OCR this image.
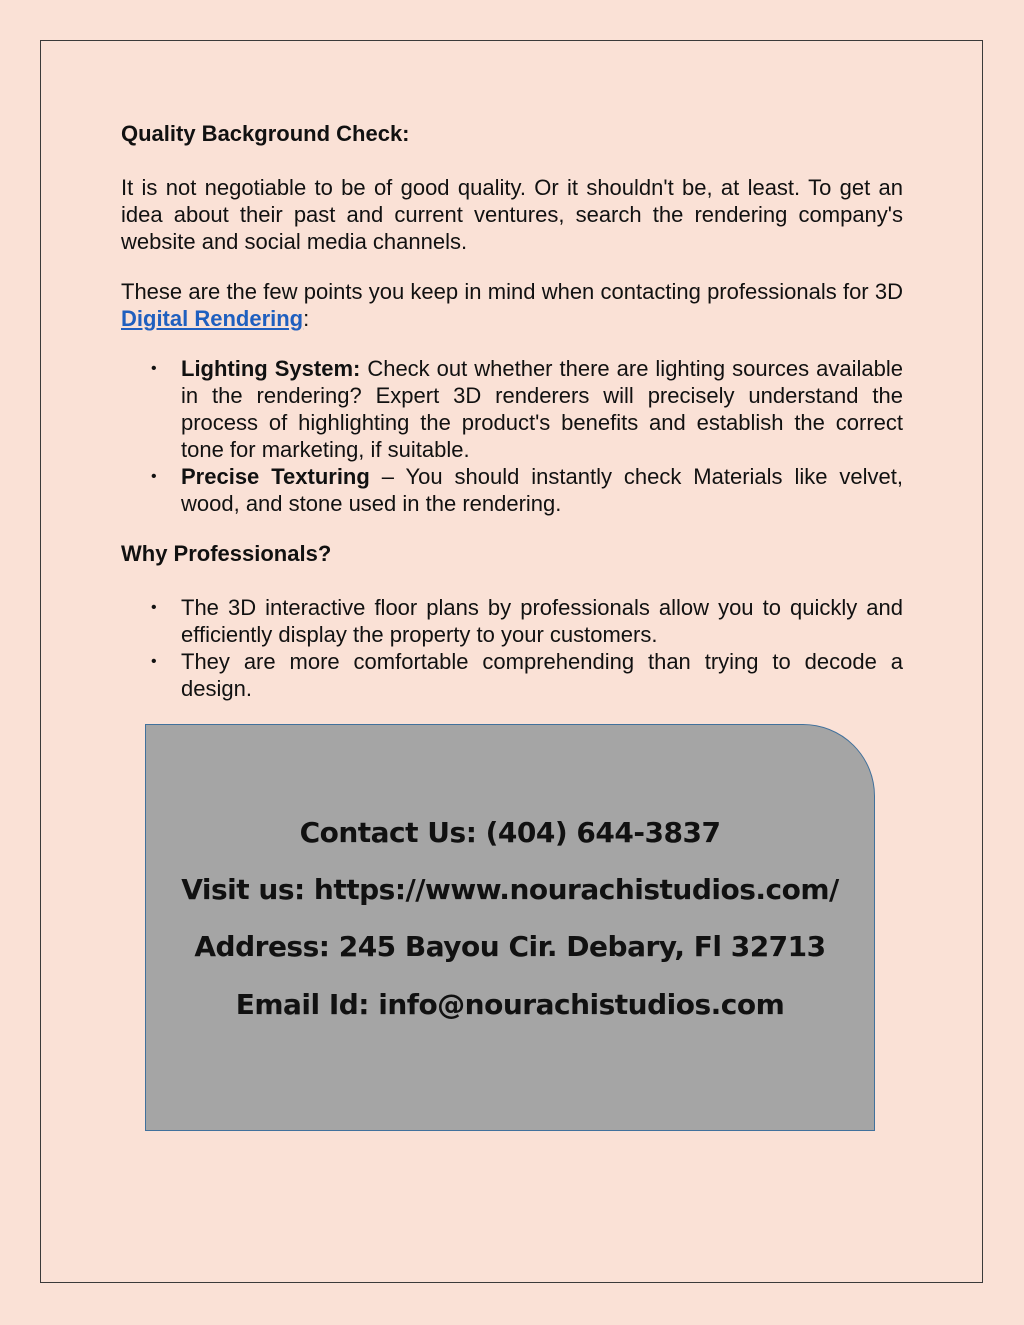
Quality Background Check:

It is not negotiable to be of good quality. Or it shouldn't be, at least. To get an idea about their past and current ventures, search the rendering company's website and social media channels.

These are the few points you keep in mind when contacting professionals for 3D Digital Rendering:

• Lighting System: Check out whether there are lighting sources available in the rendering? Expert 3D renderers will precisely understand the process of highlighting the product's benefits and establish the correct tone for marketing, if suitable.
• Precise Texturing – You should instantly check Materials like velvet, wood, and stone used in the rendering.
Why Professionals?
• The 3D interactive floor plans by professionals allow you to quickly and efficiently display the property to your customers.
• They are more comfortable comprehending than trying to decode a design.
Contact Us: (404) 644-3837
Visit us: https://www.nourachistudios.com/
Address: 245 Bayou Cir. Debary, Fl 32713
Email Id: info@nourachistudios.com
